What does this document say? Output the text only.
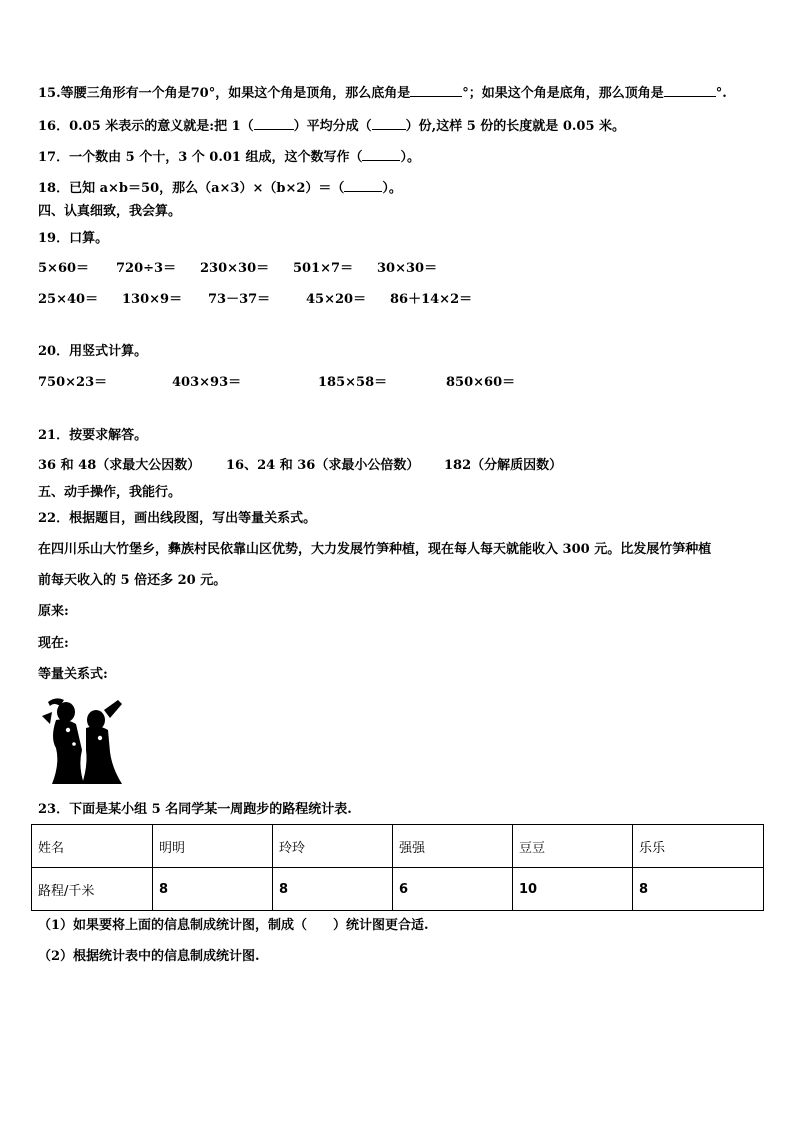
15.等腰三角形有一个角是70°，如果这个角是顶角，那么底角是	°；如果这个角是底角，那么顶角是	°.
16．0.05 米表示的意义就是:把 1（	）平均分成（	）份,这样 5 份的长度就是 0.05 米。
17．一个数由 5 个十，3 个 0.01 组成，这个数写作（	）。
18．已知 a×b＝50，那么（a×3）×（b×2）＝（	）。
四、认真细致，我会算。
19．口算。
5×60＝ 720÷3＝ 230×30＝ 501×7＝ 30×30＝
25×40＝ 130×9＝ 73－37＝	45×20＝ 86＋14×2＝
20．用竖式计算。
750×23＝	403×93＝	185×58＝	850×60＝
21．按要求解答。
36 和 48（求最大公因数） 16、24 和 36（求最小公倍数） 182（分解质因数）
五、动手操作，我能行。
22．根据题目，画出线段图，写出等量关系式。
在四川乐山大竹堡乡，彝族村民依靠山区优势，大力发展竹笋种植，现在每人每天就能收入 300 元。比发展竹笋种植
前每天收入的 5 倍还多 20 元。
原来:
现在:
等量关系式:
23．下面是某小组 5 名同学某一周跑步的路程统计表.
姓名	明明	玲玲	强强	豆豆	乐乐
路程/千米	8	8	6	10	8
（1）如果要将上面的信息制成统计图，制成（　　）统计图更合适.
（2）根据统计表中的信息制成统计图.
